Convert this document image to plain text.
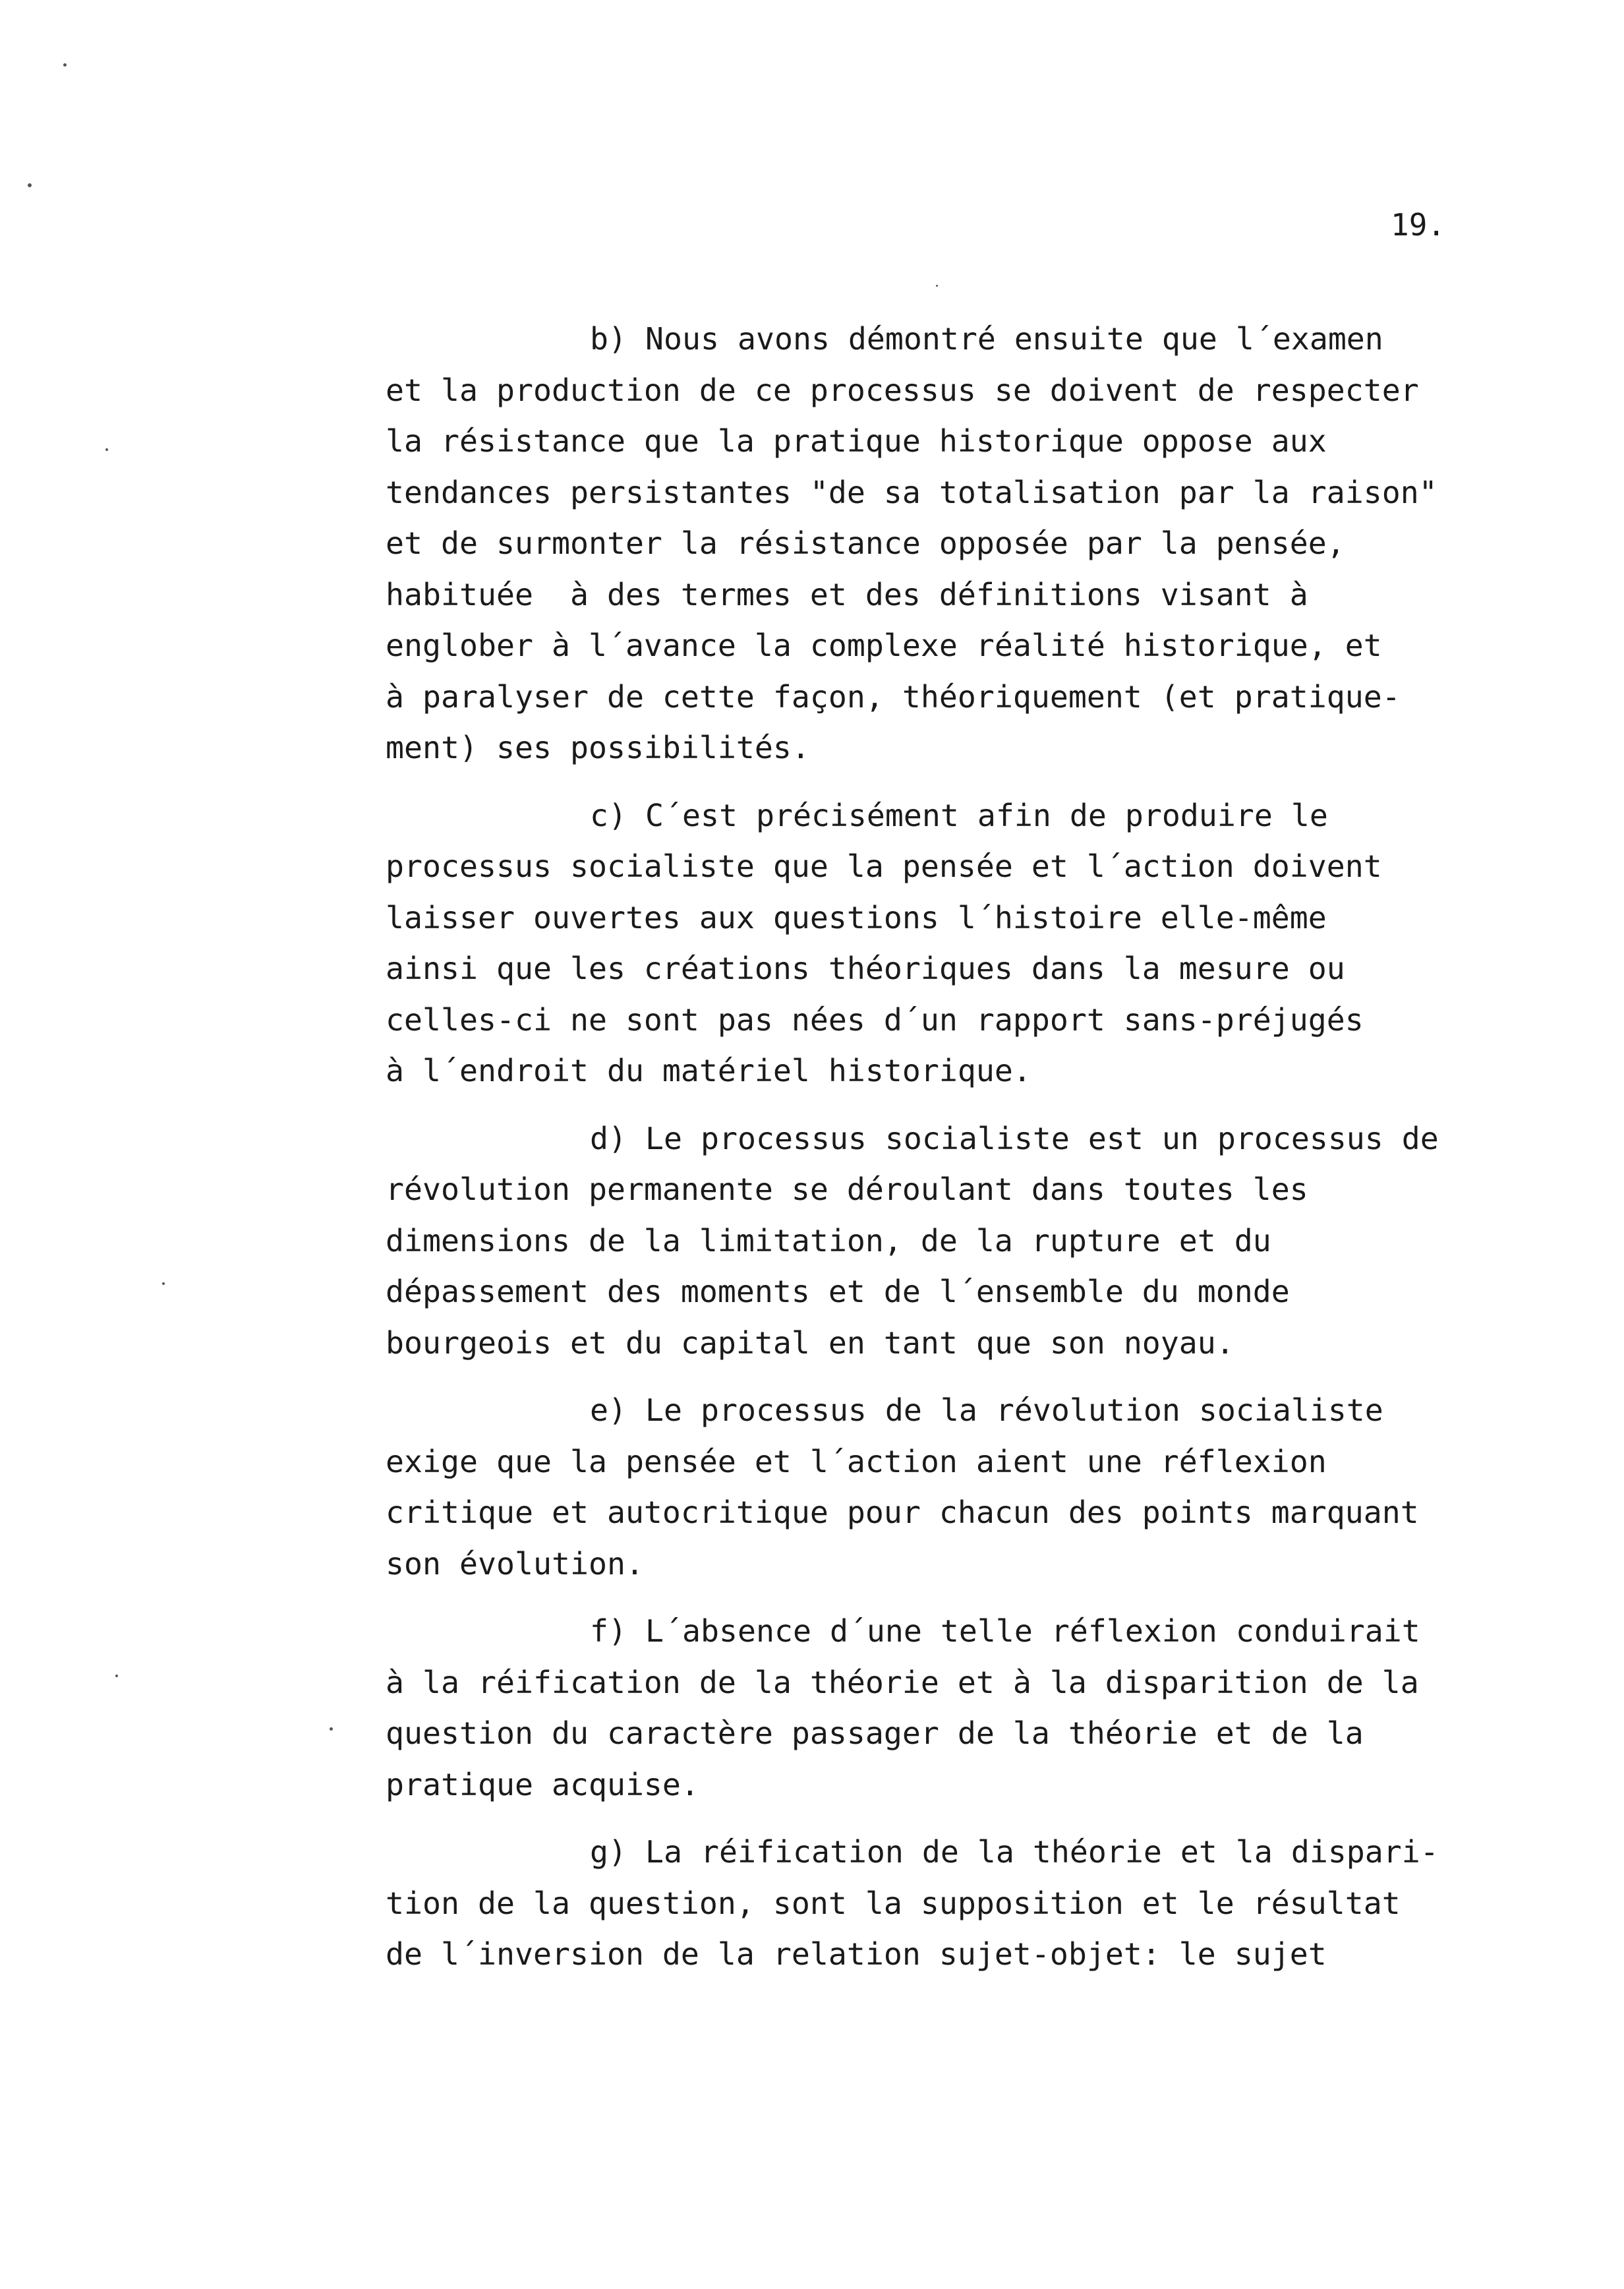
19.
b) Nous avons démontré ensuite que l´examen
et la production de ce processus se doivent de respecter
la résistance que la pratique historique oppose aux
tendances persistantes "de sa totalisation par la raison"
et de surmonter la résistance opposée par la pensée,
habituée  à des termes et des définitions visant à
englober à l´avance la complexe réalité historique, et
à paralyser de cette façon, théoriquement (et pratique-
ment) ses possibilités.
c) C´est précisément afin de produire le
processus socialiste que la pensée et l´action doivent
laisser ouvertes aux questions l´histoire elle-même
ainsi que les créations théoriques dans la mesure ou
celles-ci ne sont pas nées d´un rapport sans-préjugés
à l´endroit du matériel historique.
d) Le processus socialiste est un processus de
révolution permanente se déroulant dans toutes les
dimensions de la limitation, de la rupture et du
dépassement des moments et de l´ensemble du monde
bourgeois et du capital en tant que son noyau.
e) Le processus de la révolution socialiste
exige que la pensée et l´action aient une réflexion
critique et autocritique pour chacun des points marquant
son évolution.
f) L´absence d´une telle réflexion conduirait
à la réification de la théorie et à la disparition de la
question du caractère passager de la théorie et de la
pratique acquise.
g) La réification de la théorie et la dispari-
tion de la question, sont la supposition et le résultat
de l´inversion de la relation sujet-objet: le sujet
